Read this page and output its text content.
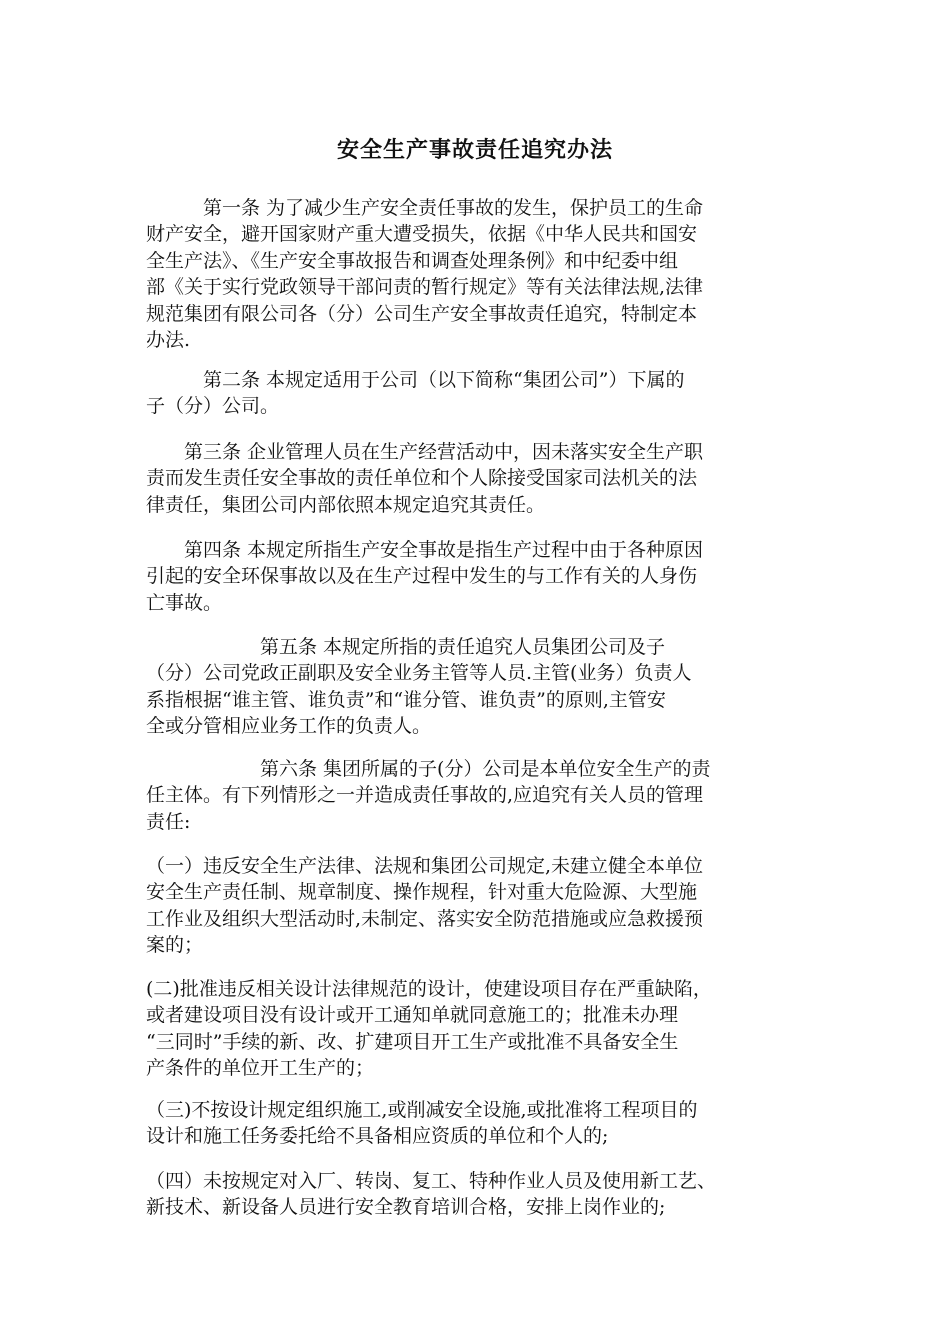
安全生产事故责任追究办法
　　　第一条 为了减少生产安全责任事故的发生，保护员工的生命
财产安全，避开国家财产重大遭受损失，依据《中华人民共和国安
全生产法》、《生产安全事故报告和调查处理条例》和中纪委中组
部《关于实行党政领导干部问责的暂行规定》等有关法律法规,法律
规范集团有限公司各（分）公司生产安全事故责任追究，特制定本
办法.
　　　第二条 本规定适用于公司（以下简称“集团公司”）下属的
子（分）公司。
　　第三条 企业管理人员在生产经营活动中，因未落实安全生产职
责而发生责任安全事故的责任单位和个人除接受国家司法机关的法
律责任，集团公司内部依照本规定追究其责任。
　　第四条 本规定所指生产安全事故是指生产过程中由于各种原因
引起的安全环保事故以及在生产过程中发生的与工作有关的人身伤
亡事故。
　　　　　　第五条 本规定所指的责任追究人员集团公司及子
（分）公司党政正副职及安全业务主管等人员.主管(业务）负责人
系指根据“谁主管、谁负责”和“谁分管、谁负责”的原则,主管安
全或分管相应业务工作的负责人。
　　　　　　第六条 集团所属的子(分）公司是本单位安全生产的责
任主体。有下列情形之一并造成责任事故的,应追究有关人员的管理
责任:
（一）违反安全生产法律、法规和集团公司规定,未建立健全本单位
安全生产责任制、规章制度、操作规程，针对重大危险源、大型施
工作业及组织大型活动时,未制定、落实安全防范措施或应急救援预
案的；
(二)批准违反相关设计法律规范的设计，使建设项目存在严重缺陷，
或者建设项目没有设计或开工通知单就同意施工的；批准未办理
“三同时”手续的新、改、扩建项目开工生产或批准不具备安全生
产条件的单位开工生产的；
（三)不按设计规定组织施工,或削减安全设施,或批准将工程项目的
设计和施工任务委托给不具备相应资质的单位和个人的;
（四）未按规定对入厂、转岗、复工、特种作业人员及使用新工艺、
新技术、新设备人员进行安全教育培训合格，安排上岗作业的;
